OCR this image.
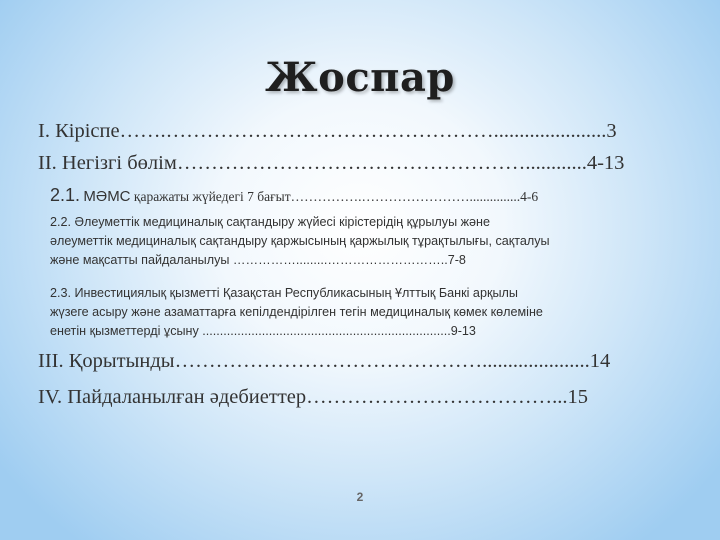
Жоспар
I. Кіріспе…….…………………………………………......................3
II. Негізгі бөлім……………………………………………............4-13
2.1. МӘМС қаражаты жүйедегі 7 бағыт…………….……………………...............4-6
2.2. Әлеуметтік медициналық сақтандыру жүйесі кірістерідің құрылуы және
әлеуметтік медициналық сақтандыру қаржысының қаржылық тұрақтылығы, сақталуы
және мақсатты пайдаланылуы …………….........………………………..7-8
2.3. Инвестициялық қызметті Қазақстан Республикасының Ұлттық Банкі арқылы
жүзеге асыру және азаматтарға кепілдендірілген тегін медициналық көмек көлеміне
енетін қызметтерді ұсыну .......................................................................9-13
III. Қорытынды……………………………………….....................14
IV. Пайдаланылған әдебиеттер………………………………...15
2
